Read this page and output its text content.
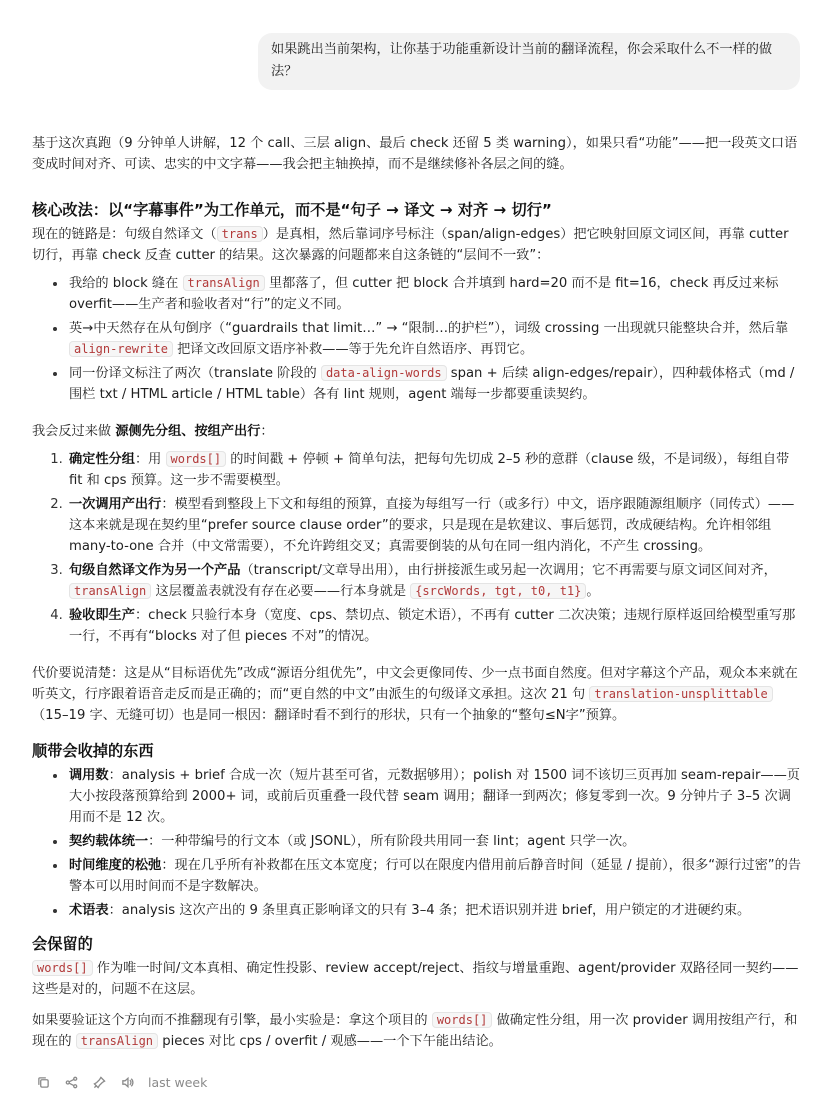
如果跳出当前架构，让你基于功能重新设计当前的翻译流程，你会采取什么不一样的做法？

基于这次真跑（9 分钟单人讲解，12 个 call、三层 align、最后 check 还留 5 类 warning），如果只看“功能”——把一段英文口语变成时间对齐、可读、忠实的中文字幕——我会把主轴换掉，而不是继续修补各层之间的缝。

核心改法：以“字幕事件”为工作单元，而不是“句子 → 译文 → 对齐 → 切行”

现在的链路是：句级自然译文（ trans ）是真相，然后靠词序号标注（span/align-edges）把它映射回原文词区间，再靠 cutter 切行，再靠 check 反查 cutter 的结果。这次暴露的问题都来自这条链的“层间不一致”：

• 我给的 block 缝在 transAlign 里都落了，但 cutter 把 block 合并填到 hard=20 而不是 fit=16，check 再反过来标 overfit——生产者和验收者对“行”的定义不同。
• 英→中天然存在从句倒序（“guardrails that limit…” → “限制…的护栏”），词级 crossing 一出现就只能整块合并，然后靠 align-rewrite 把译文改回原文语序补救——等于先允许自然语序、再罚它。
• 同一份译文标注了两次（translate 阶段的 data-align-words span + 后续 align-edges/repair），四种载体格式（md / 围栏 txt / HTML article / HTML table）各有 lint 规则，agent 端每一步都要重读契约。

我会反过来做 源侧先分组、按组产出行：

1. 确定性分组：用 words[] 的时间戳 + 停顿 + 简单句法，把每句先切成 2–5 秒的意群（clause 级，不是词级），每组自带 fit 和 cps 预算。这一步不需要模型。
2. 一次调用产出行：模型看到整段上下文和每组的预算，直接为每组写一行（或多行）中文，语序跟随源组顺序（同传式）——这本来就是现在契约里“prefer source clause order”的要求，只是现在是软建议、事后惩罚，改成硬结构。允许相邻组 many-to-one 合并（中文常需要），不允许跨组交叉；真需要倒装的从句在同一组内消化，不产生 crossing。
3. 句级自然译文作为另一个产品（transcript/文章导出用），由行拼接派生或另起一次调用；它不再需要与原文词区间对齐，transAlign 这层覆盖表就没有存在必要——行本身就是 {srcWords, tgt, t0, t1} 。
4. 验收即生产：check 只验行本身（宽度、cps、禁切点、锁定术语），不再有 cutter 二次决策；违规行原样返回给模型重写那一行，不再有“blocks 对了但 pieces 不对”的情况。

代价要说清楚：这是从“目标语优先”改成“源语分组优先”，中文会更像同传、少一点书面自然度。但对字幕这个产品，观众本来就在听英文，行序跟着语音走反而是正确的；而“更自然的中文”由派生的句级译文承担。这次 21 句 translation-unsplittable（15–19 字、无缝可切）也是同一根因：翻译时看不到行的形状，只有一个抽象的“整句≤N字”预算。

顺带会收掉的东西
• 调用数：analysis + brief 合成一次（短片甚至可省，元数据够用）；polish 对 1500 词不该切三页再加 seam-repair——页大小按段落预算给到 2000+ 词，或前后页重叠一段代替 seam 调用；翻译一到两次；修复零到一次。9 分钟片子 3–5 次调用而不是 12 次。
• 契约载体统一：一种带编号的行文本（或 JSONL），所有阶段共用同一套 lint；agent 只学一次。
• 时间维度的松弛：现在几乎所有补救都在压文本宽度；行可以在限度内借用前后静音时间（延显 / 提前），很多“源行过密”的告警本可以用时间而不是字数解决。
• 术语表：analysis 这次产出的 9 条里真正影响译文的只有 3–4 条；把术语识别并进 brief，用户锁定的才进硬约束。
会保留的

words[] 作为唯一时间/文本真相、确定性投影、review accept/reject、指纹与增量重跑、agent/provider 双路径同一契约——这些是对的，问题不在这层。

如果要验证这个方向而不推翻现有引擎，最小实验是：拿这个项目的 words[] 做确定性分组，用一次 provider 调用按组产行，和现在的 transAlign pieces 对比 cps / overfit / 观感——一个下午能出结论。

last week
